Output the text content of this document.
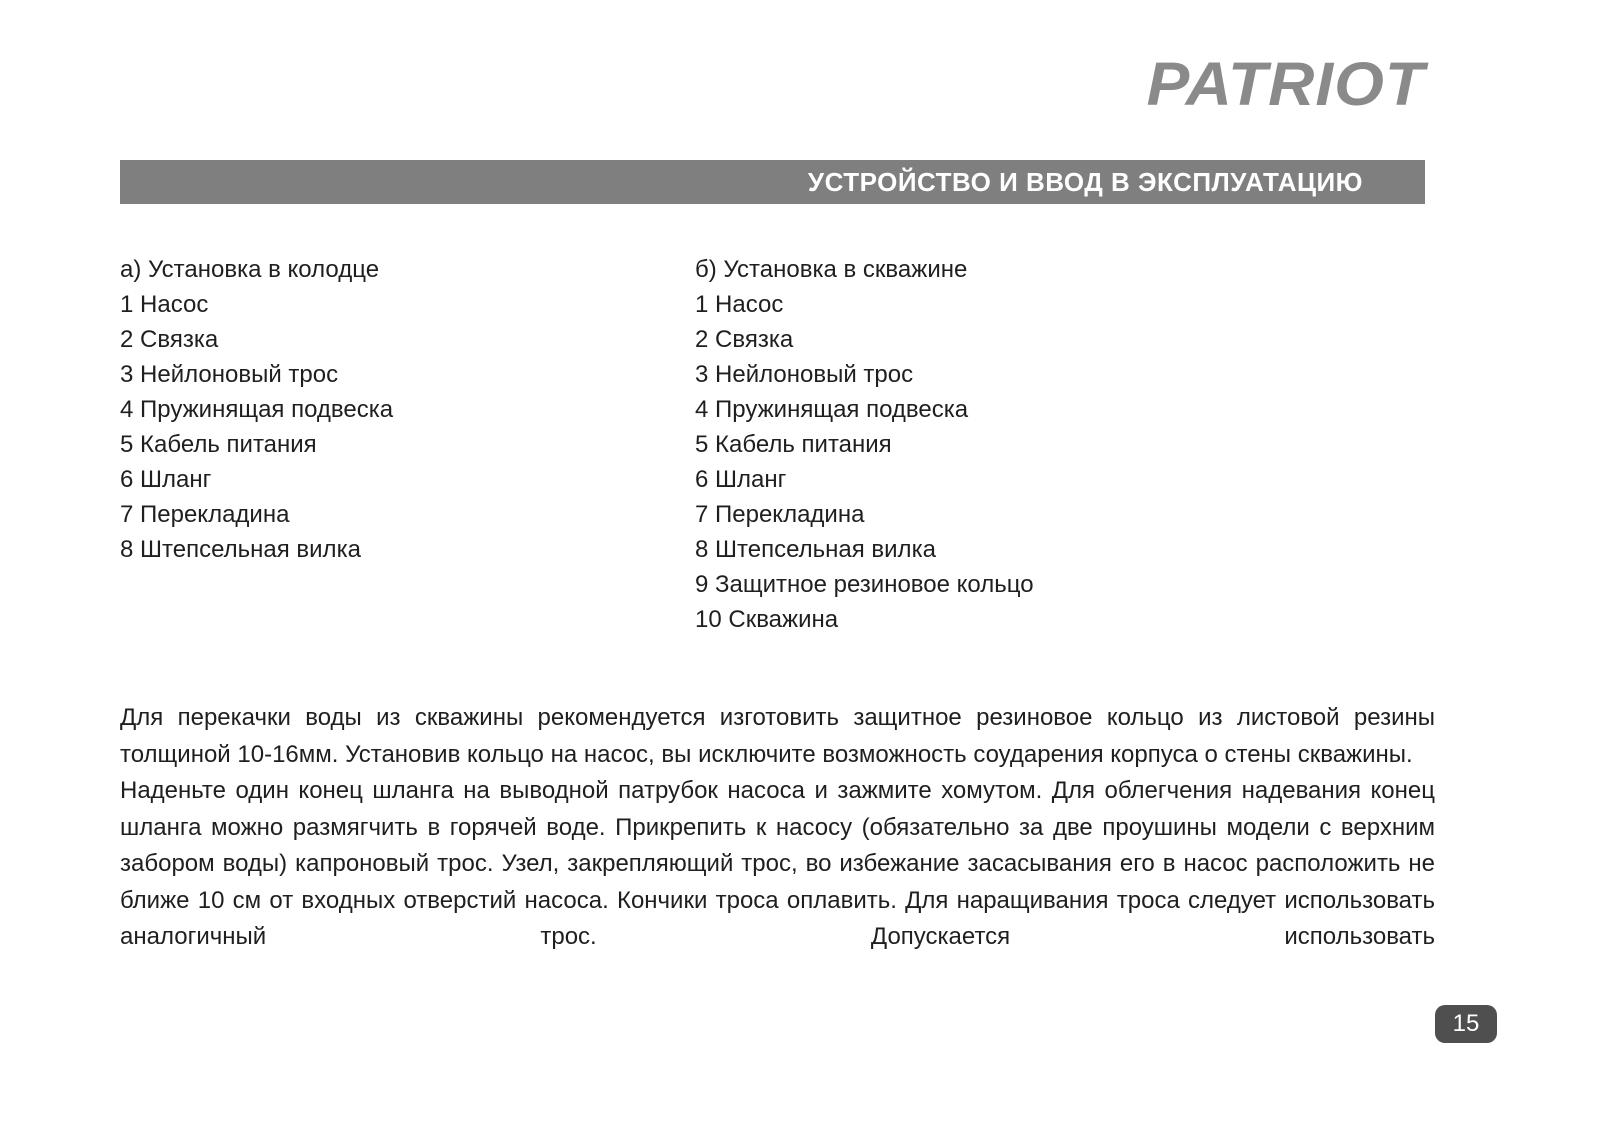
PATRIOT
УСТРОЙСТВО И ВВОД В ЭКСПЛУАТАЦИЮ
а) Установка в колодце
1 Насос
2 Связка
3 Нейлоновый трос
4 Пружинящая подвеска
5 Кабель питания
6 Шланг
7 Перекладина
8 Штепсельная вилка
б) Установка в скважине
1 Насос
2 Связка
3 Нейлоновый трос
4 Пружинящая подвеска
5 Кабель питания
6 Шланг
7 Перекладина
8 Штепсельная вилка
9 Защитное резиновое кольцо
10 Скважина

Для перекачки воды из скважины рекомендуется изготовить защитное резиновое кольцо из листовой резины толщиной 10-16мм. Установив кольцо на насос, вы исключите возможность соударения корпуса о стены скважины.

Наденьте один конец шланга на выводной патрубок насоса и зажмите хомутом. Для облегчения надевания конец шланга можно размягчить в горячей воде. Прикрепить к насосу (обязательно за две проушины модели с верхним забором воды) капроновый трос. Узел, закрепляющий трос, во избежание засасывания его в насос расположить не ближе 10 см от входных отверстий насоса. Кончики троса оплавить. Для наращивания троса следует использовать аналогичный трос. Допускается использовать

15
